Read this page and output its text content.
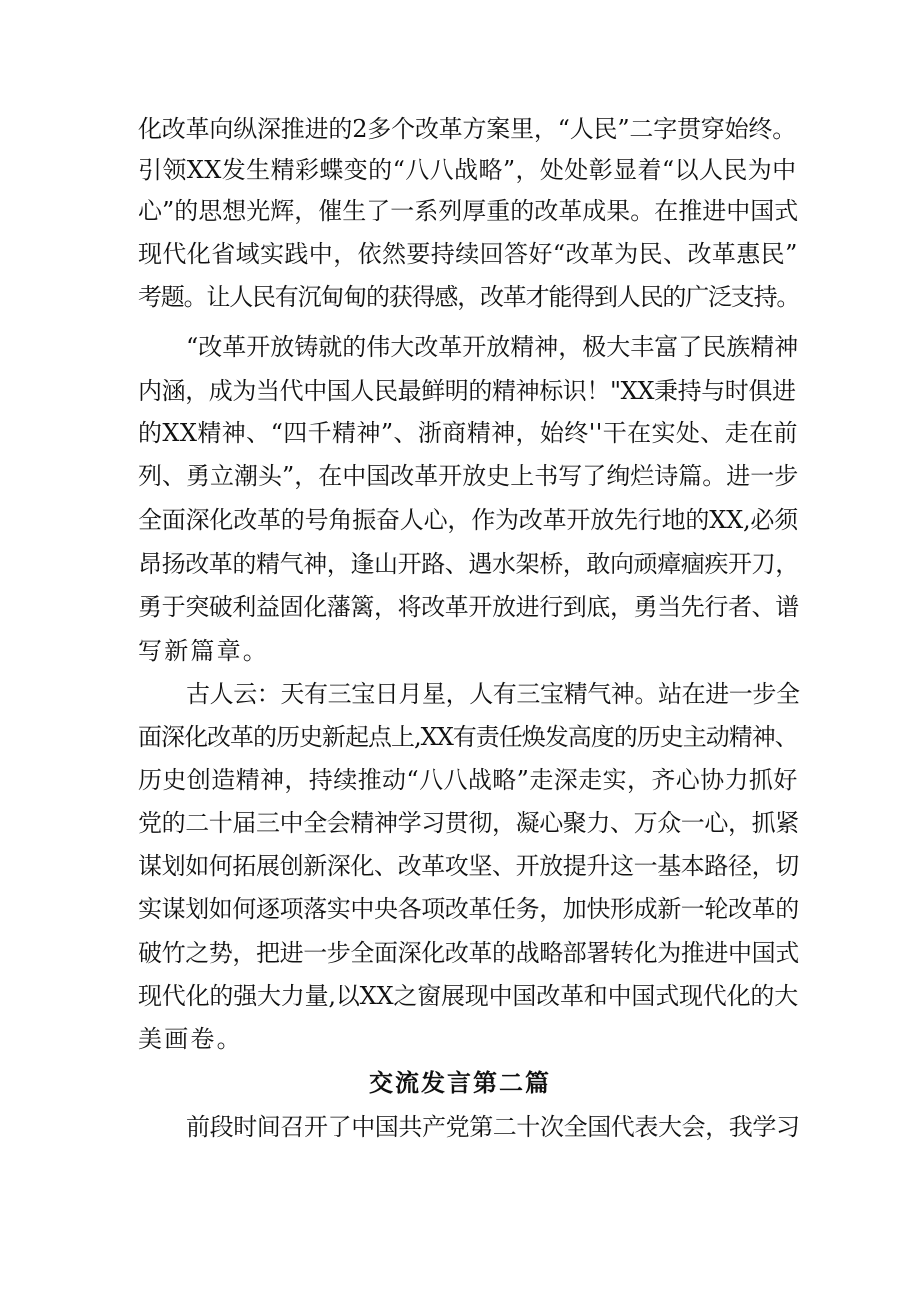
化改革向纵深推进的2多个改革方案里，“人民”二字贯穿始终。
引领XX发生精彩蝶变的“八八战略”，处处彰显着“以人民为中
心”的思想光辉，催生了一系列厚重的改革成果。在推进中国式
现代化省域实践中，依然要持续回答好“改革为民、改革惠民”
考题。让人民有沉甸甸的获得感，改革才能得到人民的广泛支持。
“改革开放铸就的伟大改革开放精神，极大丰富了民族精神
内涵，成为当代中国人民最鲜明的精神标识！"XX秉持与时俱进
的XX精神、“四千精神”、浙商精神，始终''干在实处、走在前
列、勇立潮头”，在中国改革开放史上书写了绚烂诗篇。进一步
全面深化改革的号角振奋人心，作为改革开放先行地的XX,必须
昂扬改革的精气神，逢山开路、遇水架桥，敢向顽瘴痼疾开刀，
勇于突破利益固化藩篱，将改革开放进行到底，勇当先行者、谱
写新篇章。
古人云：天有三宝日月星，人有三宝精气神。站在进一步全
面深化改革的历史新起点上,XX有责任焕发高度的历史主动精神、
历史创造精神，持续推动“八八战略”走深走实，齐心协力抓好
党的二十届三中全会精神学习贯彻，凝心聚力、万众一心，抓紧
谋划如何拓展创新深化、改革攻坚、开放提升这一基本路径，切
实谋划如何逐项落实中央各项改革任务，加快形成新一轮改革的
破竹之势，把进一步全面深化改革的战略部署转化为推进中国式
现代化的强大力量,以XX之窗展现中国改革和中国式现代化的大
美画卷。
交流发言第二篇
前段时间召开了中国共产党第二十次全国代表大会，我学习
